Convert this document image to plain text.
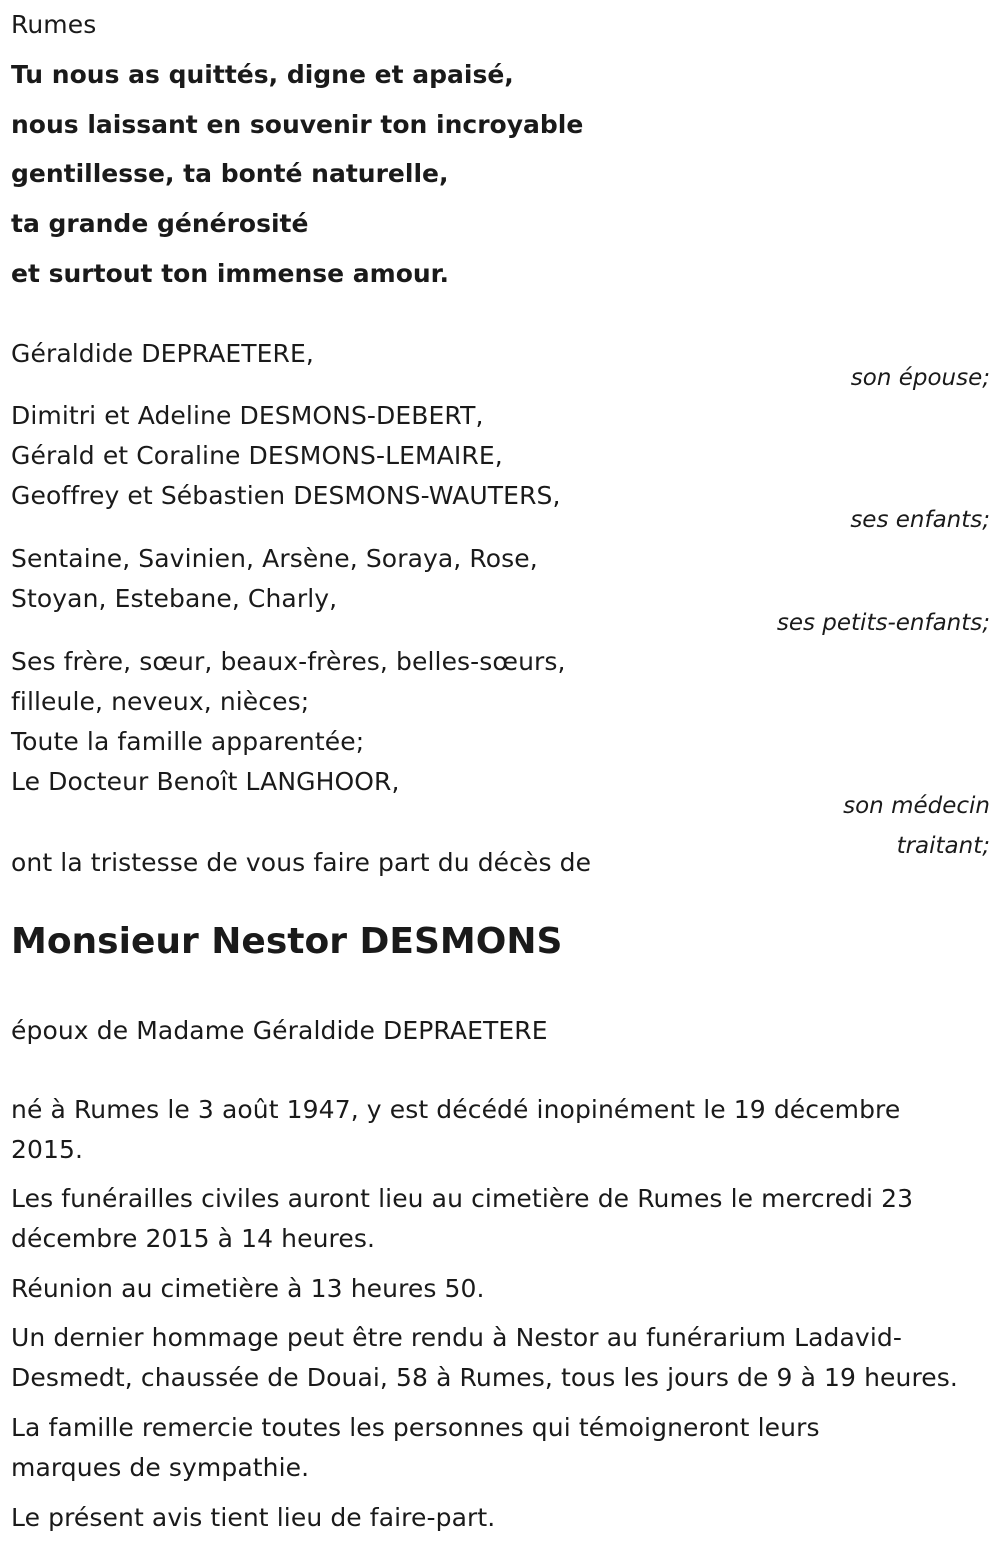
Rumes
Tu nous as quittés, digne et apaisé,
nous laissant en souvenir ton incroyable
gentillesse, ta bonté naturelle,
ta grande générosité
et surtout ton immense amour.
Géraldide DEPRAETERE,
son épouse;
Dimitri et Adeline DESMONS-DEBERT,
Gérald et Coraline DESMONS-LEMAIRE,
Geoffrey et Sébastien DESMONS-WAUTERS,
ses enfants;
Sentaine, Savinien, Arsène, Soraya, Rose,
Stoyan, Estebane, Charly,
ses petits-enfants;
Ses frère, sœur, beaux-frères, belles-sœurs,
filleule, neveux, nièces;
Toute la famille apparentée;
Le Docteur Benoît LANGHOOR,
son médecin
traitant;
ont la tristesse de vous faire part du décès de
Monsieur Nestor DESMONS
époux de Madame Géraldide DEPRAETERE
né à Rumes le 3 août 1947, y est décédé inopinément le 19 décembre
2015.
Les funérailles civiles auront lieu au cimetière de Rumes le mercredi 23
décembre 2015 à 14 heures.
Réunion au cimetière à 13 heures 50.
Un dernier hommage peut être rendu à Nestor au funérarium Ladavid-
Desmedt, chaussée de Douai, 58 à Rumes, tous les jours de 9 à 19 heures.
La famille remercie toutes les personnes qui témoigneront leurs
marques de sympathie.
Le présent avis tient lieu de faire-part.
